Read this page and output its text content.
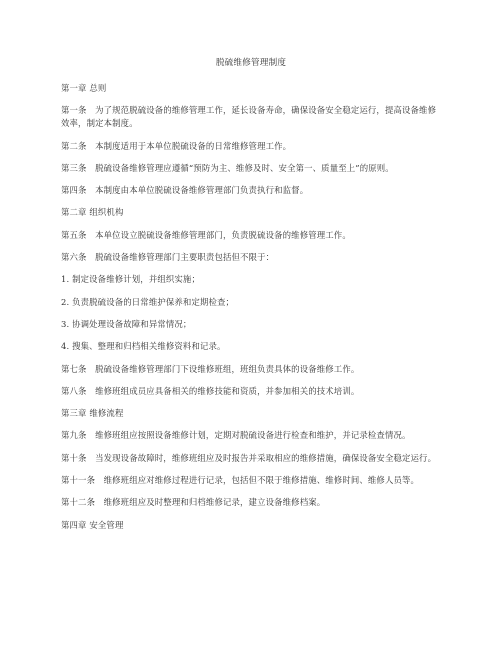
脱硫维修管理制度
第一章 总则
第一条　为了规范脱硫设备的维修管理工作，延长设备寿命，确保设备安全稳定运行，提高设备维修效率，制定本制度。
第二条　本制度适用于本单位脱硫设备的日常维修管理工作。
第三条　脱硫设备维修管理应遵循“预防为主、维修及时、安全第一、质量至上”的原则。
第四条　本制度由本单位脱硫设备维修管理部门负责执行和监督。
第二章 组织机构
第五条　本单位设立脱硫设备维修管理部门，负责脱硫设备的维修管理工作。
第六条　脱硫设备维修管理部门主要职责包括但不限于：
1. 制定设备维修计划，并组织实施；
2. 负责脱硫设备的日常维护保养和定期检查；
3. 协调处理设备故障和异常情况；
4. 搜集、整理和归档相关维修资料和记录。
第七条　脱硫设备维修管理部门下设维修班组，班组负责具体的设备维修工作。
第八条　维修班组成员应具备相关的维修技能和资质，并参加相关的技术培训。
第三章 维修流程
第九条　维修班组应按照设备维修计划，定期对脱硫设备进行检查和维护，并记录检查情况。
第十条　当发现设备故障时，维修班组应及时报告并采取相应的维修措施，确保设备安全稳定运行。
第十一条　维修班组应对维修过程进行记录，包括但不限于维修措施、维修时间、维修人员等。
第十二条　维修班组应及时整理和归档维修记录，建立设备维修档案。
第四章 安全管理
